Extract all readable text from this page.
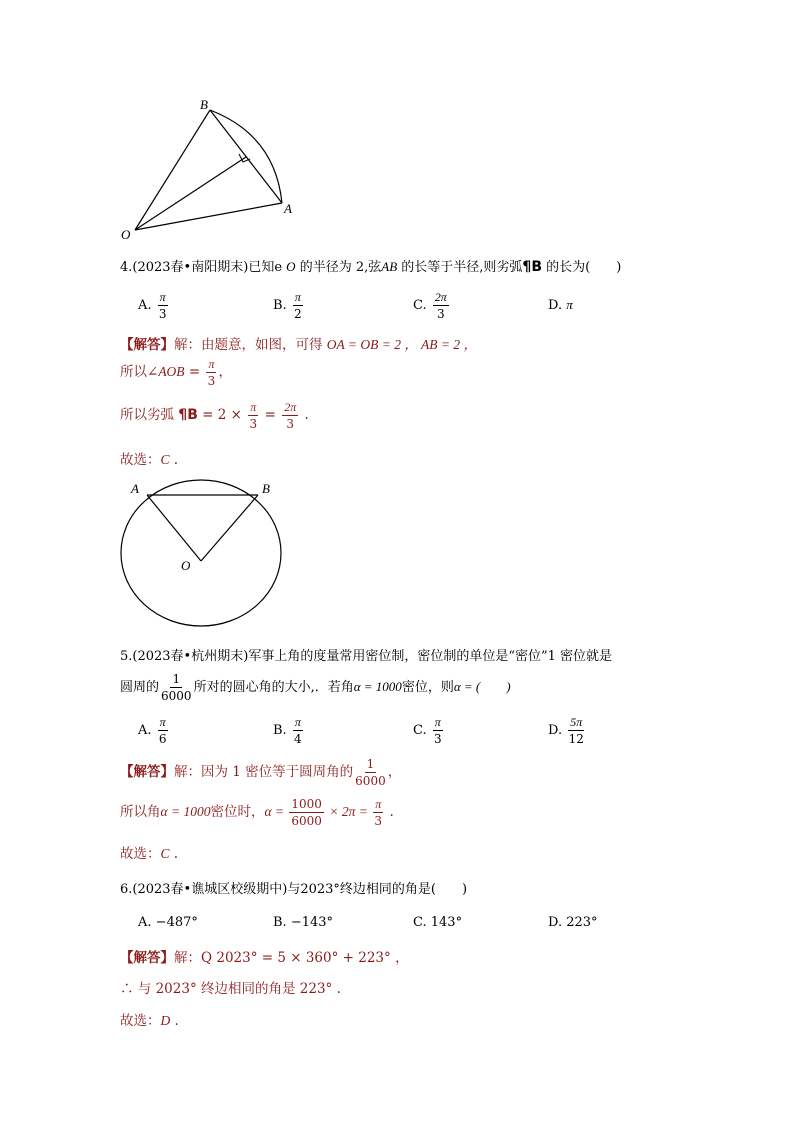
B
A
O
4.(2023春•南阳期末)已知e O 的半径为 2,弦AB 的长等于半径,则劣弧¶B 的长为(　　)
A. $\frac{\pi}{3}$	B. $\frac{\pi}{2}$	C. $\frac{2\pi}{3}$	D. π
【解答】解：由题意，如图，可得 OA = OB = 2 ， AB = 2 ，
所以∠AOB = $\frac{\pi}{3}$ ，
所以劣弧 ¶B = $2 \times \frac{\pi}{3} = \frac{2\pi}{3}$ .
故选：C .
A	B
O
5.(2023春•杭州期末)军事上角的度量常用密位制，密位制的单位是“密位”1 密位就是
圆周的 $\frac{1}{6000}$ 所对的圆心角的大小,．若角α = 1000密位，则α = (　　)
A. $\frac{\pi}{6}$	B. $\frac{\pi}{4}$	C. $\frac{\pi}{3}$	D. $\frac{5\pi}{12}$
【解答】解：因为 1 密位等于圆周角的 $\frac{1}{6000}$ ，
所以角α = 1000密位时，$\alpha = \frac{1000}{6000} \times 2\pi = \frac{\pi}{3}$ .
故选：C .
6.(2023春•谯城区校级期中)与2023°终边相同的角是(　　)
A. −487°	B. −143°	C. 143°	D. 223°
【解答】解：Q 2023° = 5 × 360° + 223° ，
∴ 与 2023° 终边相同的角是 223° .
故选：D .
